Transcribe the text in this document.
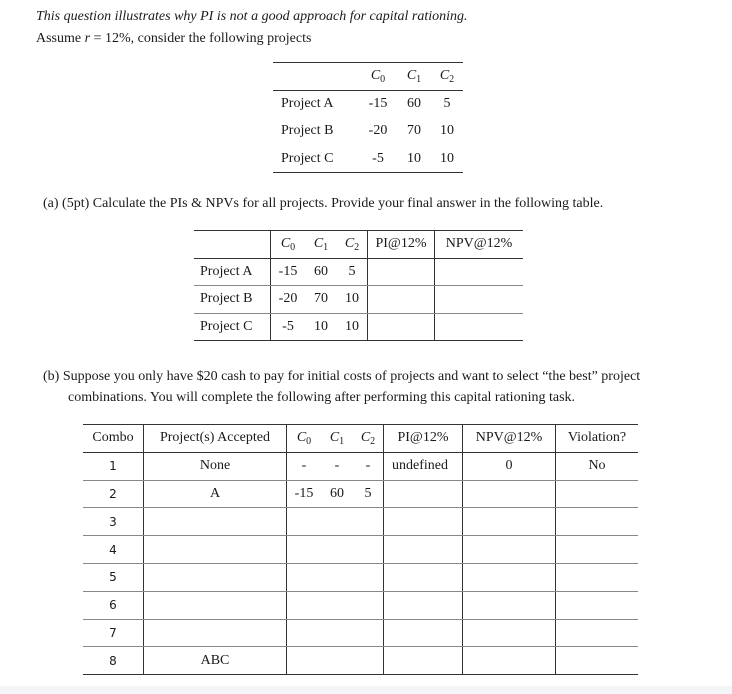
This question illustrates why PI is not a good approach for capital rationing.
Assume r = 12%, consider the following projects
	$C_0$	$C_1$	$C_2$
Project A	-15	60	5
Project B	-20	70	10
Project C	-5	10	10
(a) (5pt) Calculate the PIs & NPVs for all projects. Provide your final answer in the following table.
	$C_0$	$C_1$	$C_2$	PI@12%	NPV@12%
Project A	-15	60	5		
Project B	-20	70	10		
Project C	-5	10	10		
(b) Suppose you only have $20 cash to pay for initial costs of projects and want to select “the best” project
combinations. You will complete the following after performing this capital rationing task.
Combo	Project(s) Accepted	$C_0$	$C_1$	$C_2$	PI@12%	NPV@12%	Violation?
1	None	-	-	-	undefined	0	No
2	A	-15	60	5			
3							
4							
5							
6							
7							
8	ABC						
